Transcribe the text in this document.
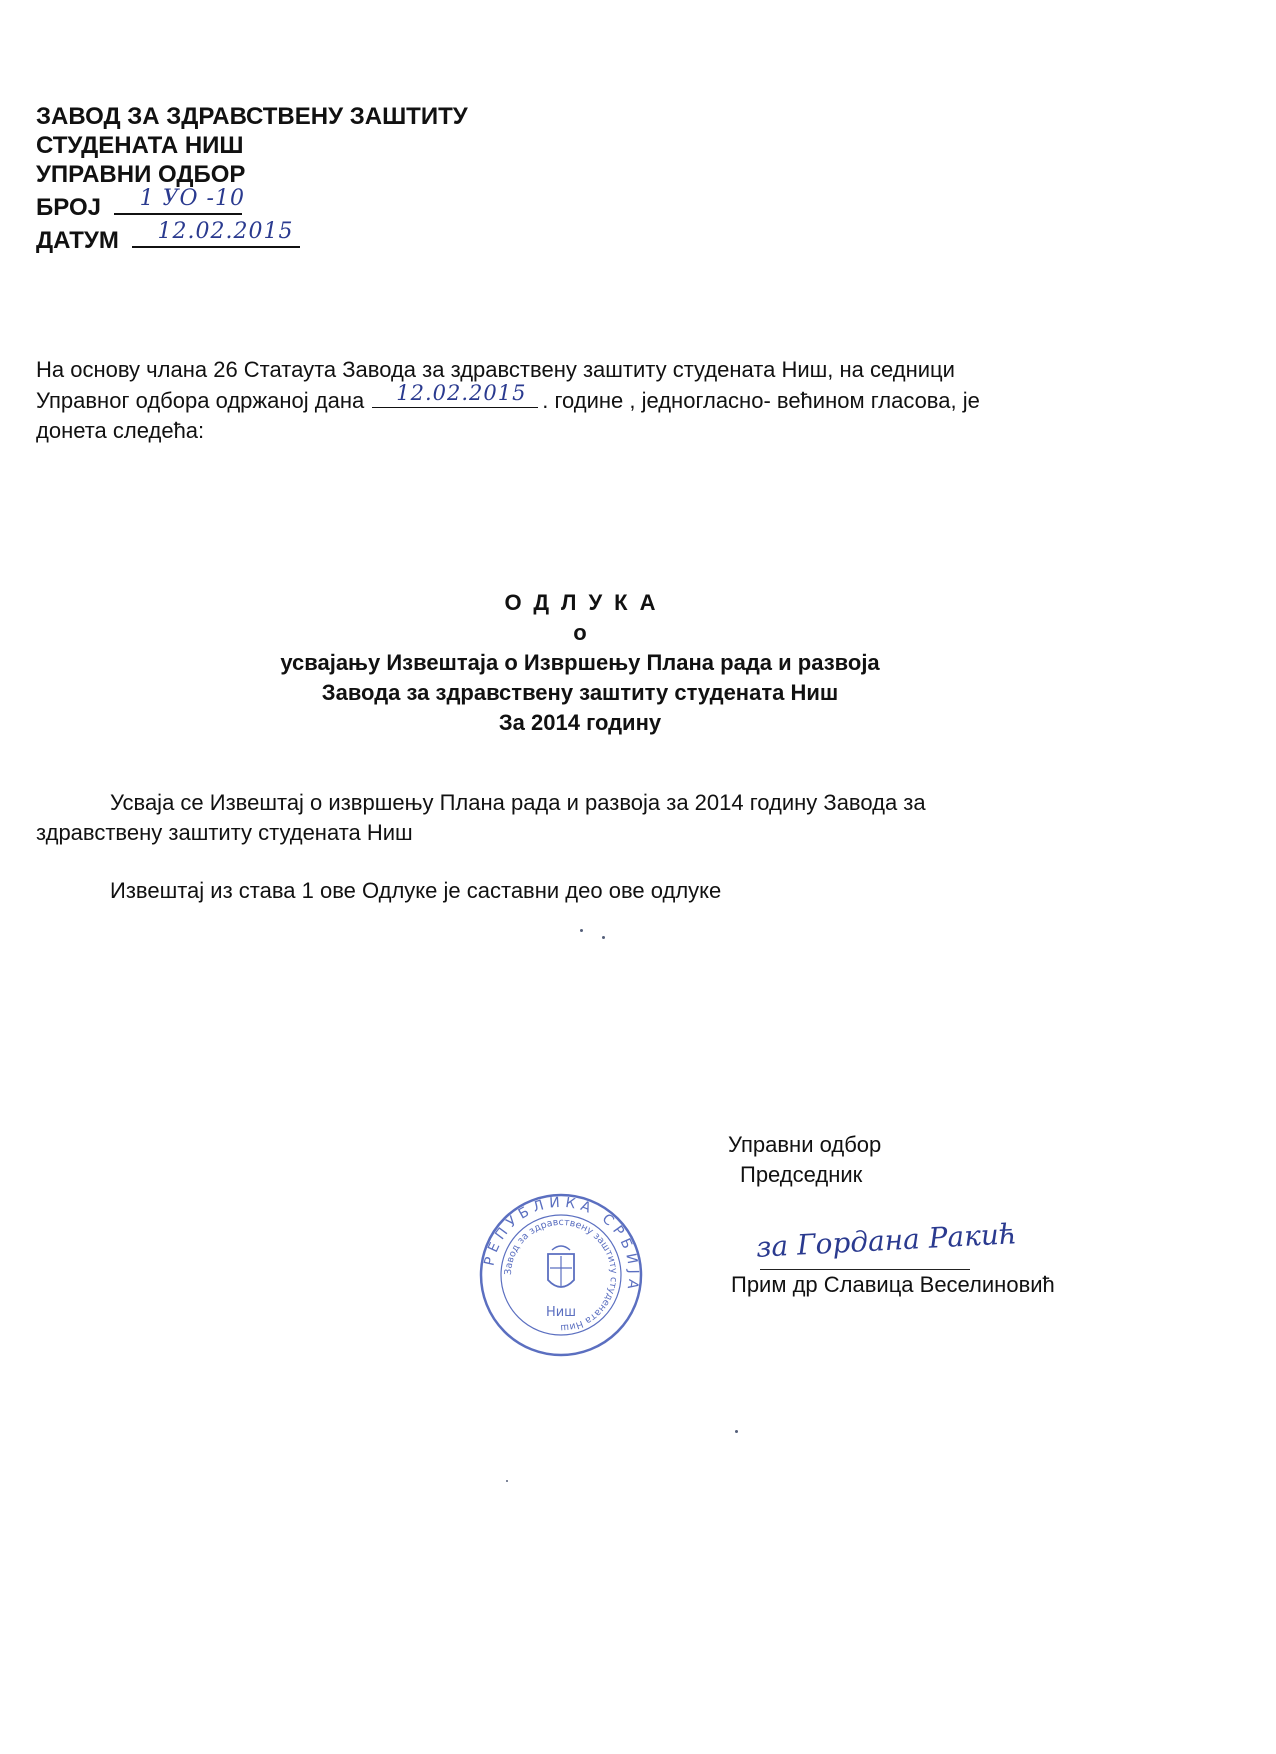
ЗАВОД ЗА ЗДРАВСТВЕНУ ЗАШТИТУ
СТУДЕНАТА НИШ
УПРАВНИ ОДБОР
БРОЈ 1 УО -10
ДАТУМ 12.02.2015
На основу члана 26 Статаута Завода за здравствену заштиту студената Ниш, на седници
Управног одбора одржаној дана 12.02.2015 . године , једногласно- већином гласова, је
донета следећа:
ОДЛУКА
о
усвајању Извештаја о Извршењу Плана рада и развоја
Завода за здравствену заштиту студената Ниш
За 2014 годину
Усваја се Извештај о извршењу Плана рада и развоја за 2014 годину Завода за
здравствену заштиту студената Ниш
Извештај из става 1 ове Одлуке је саставни део ове одлуке
Управни одбор
Председник
за Гордана Ракић
Прим др Славица Веселиновић
РЕПУБЛИКА СРБИЈА
Завод за здравствену заштиту студената Ниш
Ниш
